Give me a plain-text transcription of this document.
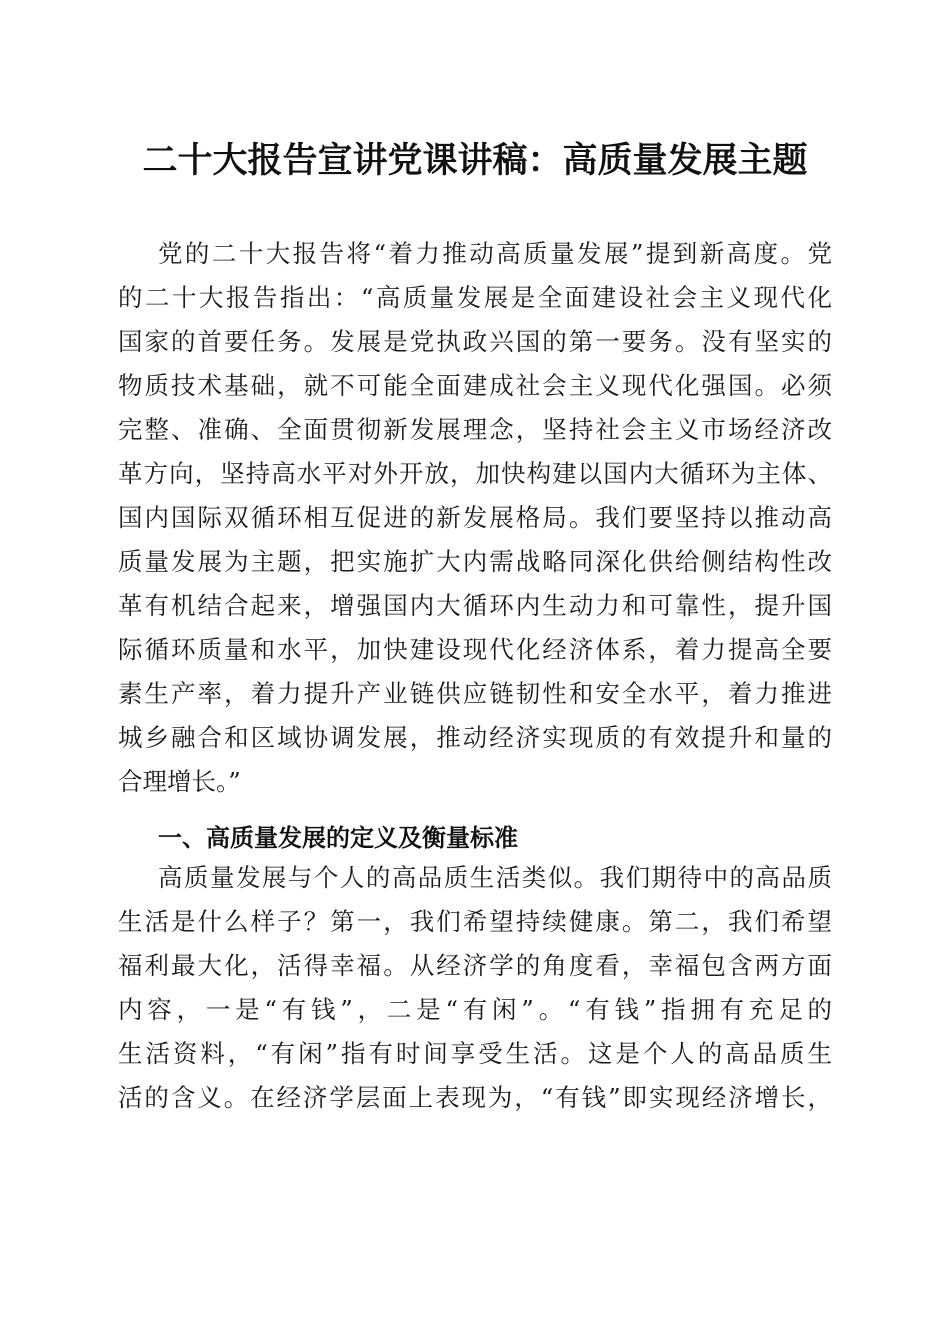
二十大报告宣讲党课讲稿：高质量发展主题
党的二十大报告将“着力推动高质量发展”提到新高度。党
的二十大报告指出：“高质量发展是全面建设社会主义现代化
国家的首要任务。发展是党执政兴国的第一要务。没有坚实的
物质技术基础，就不可能全面建成社会主义现代化强国。必须
完整、准确、全面贯彻新发展理念，坚持社会主义市场经济改
革方向，坚持高水平对外开放，加快构建以国内大循环为主体、
国内国际双循环相互促进的新发展格局。我们要坚持以推动高
质量发展为主题，把实施扩大内需战略同深化供给侧结构性改
革有机结合起来，增强国内大循环内生动力和可靠性，提升国
际循环质量和水平，加快建设现代化经济体系，着力提高全要
素生产率，着力提升产业链供应链韧性和安全水平，着力推进
城乡融合和区域协调发展，推动经济实现质的有效提升和量的
合理增长。”
一、高质量发展的定义及衡量标准
高质量发展与个人的高品质生活类似。我们期待中的高品质
生活是什么样子？第一，我们希望持续健康。第二，我们希望
福利最大化，活得幸福。从经济学的角度看，幸福包含两方面
内容，一是“有钱”，二是“有闲”。“有钱”指拥有充足的
生活资料，“有闲”指有时间享受生活。这是个人的高品质生
活的含义。在经济学层面上表现为，“有钱”即实现经济增长，
